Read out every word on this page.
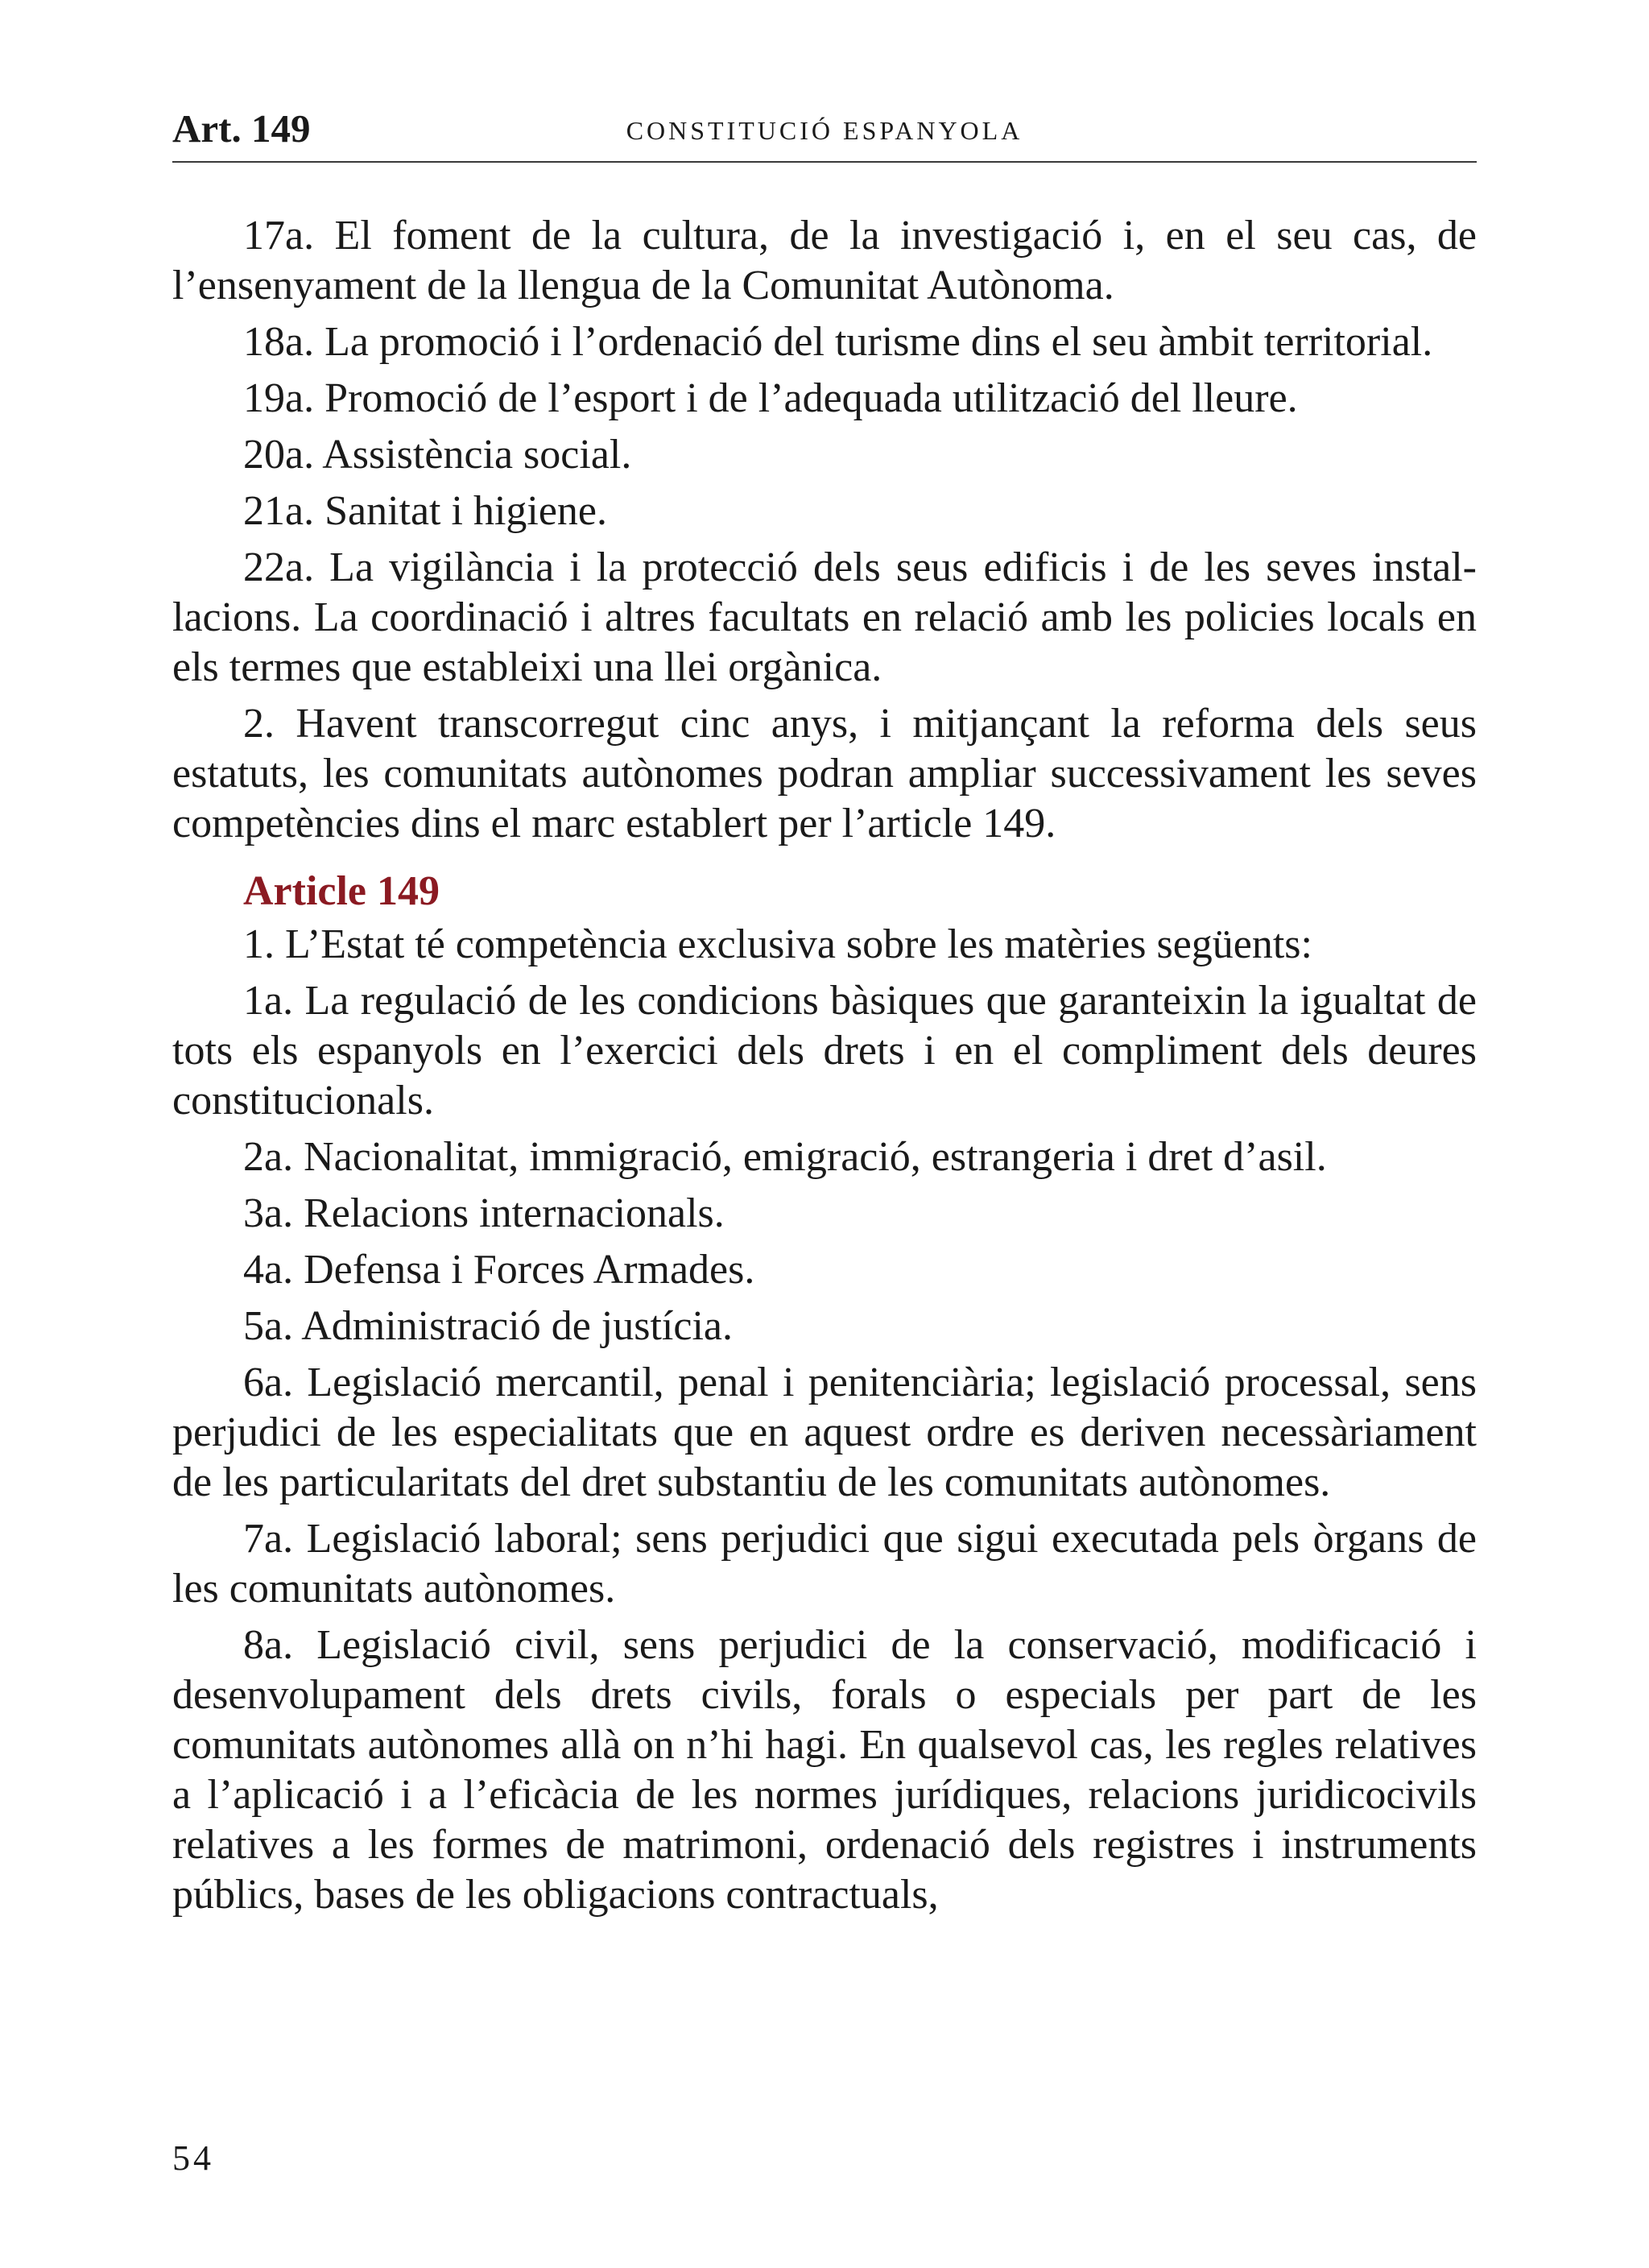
Art. 149	CONSTITUCIÓ ESPANYOLA

17a. El foment de la cultura, de la investigació i, en el seu cas, de l’ensenyament de la llengua de la Comunitat Autònoma.

18a. La promoció i l’ordenació del turisme dins el seu àmbit territorial.

19a. Promoció de l’esport i de l’adequada utilització del lleure.

20a. Assistència social.

21a. Sanitat i higiene.

22a. La vigilància i la protecció dels seus edificis i de les seves installacions. La coordinació i altres facultats en relació amb les policies locals en els termes que estableixi una llei orgànica.

2. Havent transcorregut cinc anys, i mitjançant la reforma dels seus estatuts, les comunitats autònomes podran ampliar successivament les seves competències dins el marc establert per l’article 149.

Article 149

1. L’Estat té competència exclusiva sobre les matèries següents:

1a. La regulació de les condicions bàsiques que garanteixin la igualtat de tots els espanyols en l’exercici dels drets i en el compliment dels deures constitucionals.

2a. Nacionalitat, immigració, emigració, estrangeria i dret d’asil.

3a. Relacions internacionals.

4a. Defensa i Forces Armades.

5a. Administració de justícia.

6a. Legislació mercantil, penal i penitenciària; legislació processal, sens perjudici de les especialitats que en aquest ordre es deriven necessàriament de les particularitats del dret substantiu de les comunitats autònomes.

7a. Legislació laboral; sens perjudici que sigui executada pels òrgans de les comunitats autònomes.

8a. Legislació civil, sens perjudici de la conservació, modificació i desenvolupament dels drets civils, forals o especials per part de les comunitats autònomes allà on n’hi hagi. En qualsevol cas, les regles relatives a l’aplicació i a l’eficàcia de les normes jurídiques, relacions juridicocivils relatives a les formes de matrimoni, ordenació dels registres i instruments públics, bases de les obligacions contractuals,

54
